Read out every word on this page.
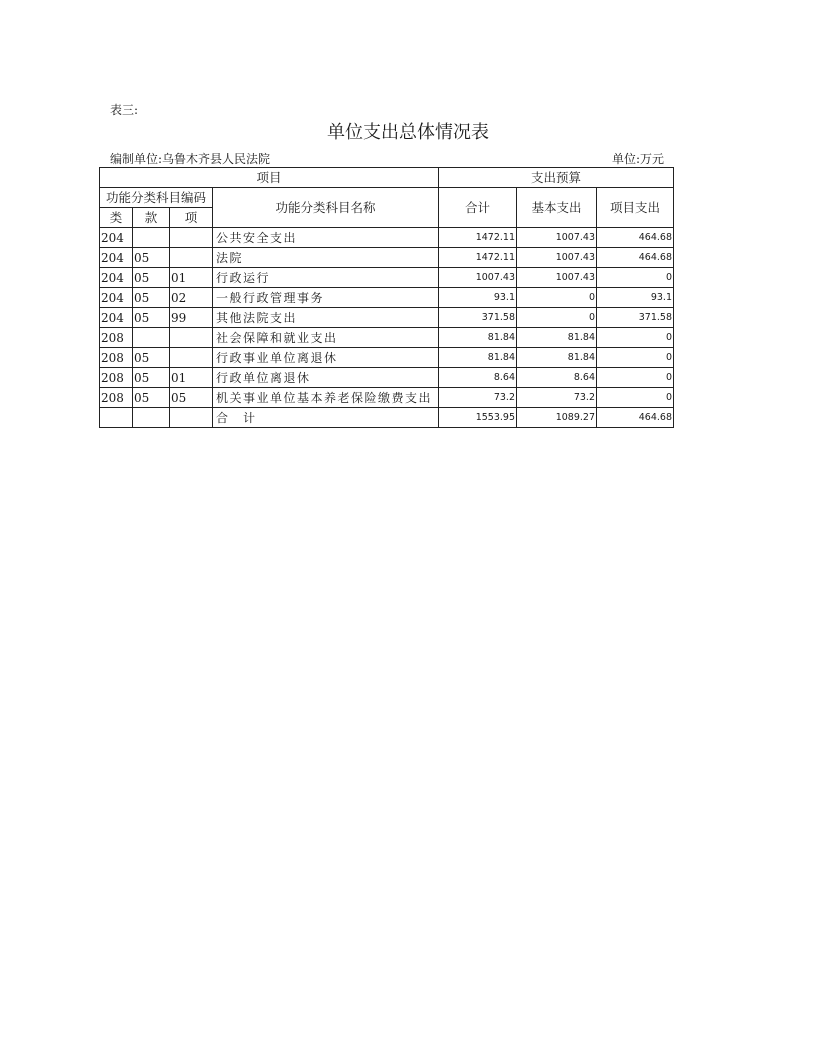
表三:
单位支出总体情况表
编制单位:乌鲁木齐县人民法院	单位:万元
项目				支出预算		
功能分类科目编码			功能分类科目名称	合计	基本支出	项目支出
类	款	项				
204			公共安全支出	1472.11	1007.43	464.68
204	05		法院	1472.11	1007.43	464.68
204	05	01	行政运行	1007.43	1007.43	0
204	05	02	一般行政管理事务	93.1	0	93.1
204	05	99	其他法院支出	371.58	0	371.58
208			社会保障和就业支出	81.84	81.84	0
208	05		行政事业单位离退休	81.84	81.84	0
208	05	01	行政单位离退休	8.64	8.64	0
208	05	05	机关事业单位基本养老保险缴费支出	73.2	73.2	0
			合　计	1553.95	1089.27	464.68
